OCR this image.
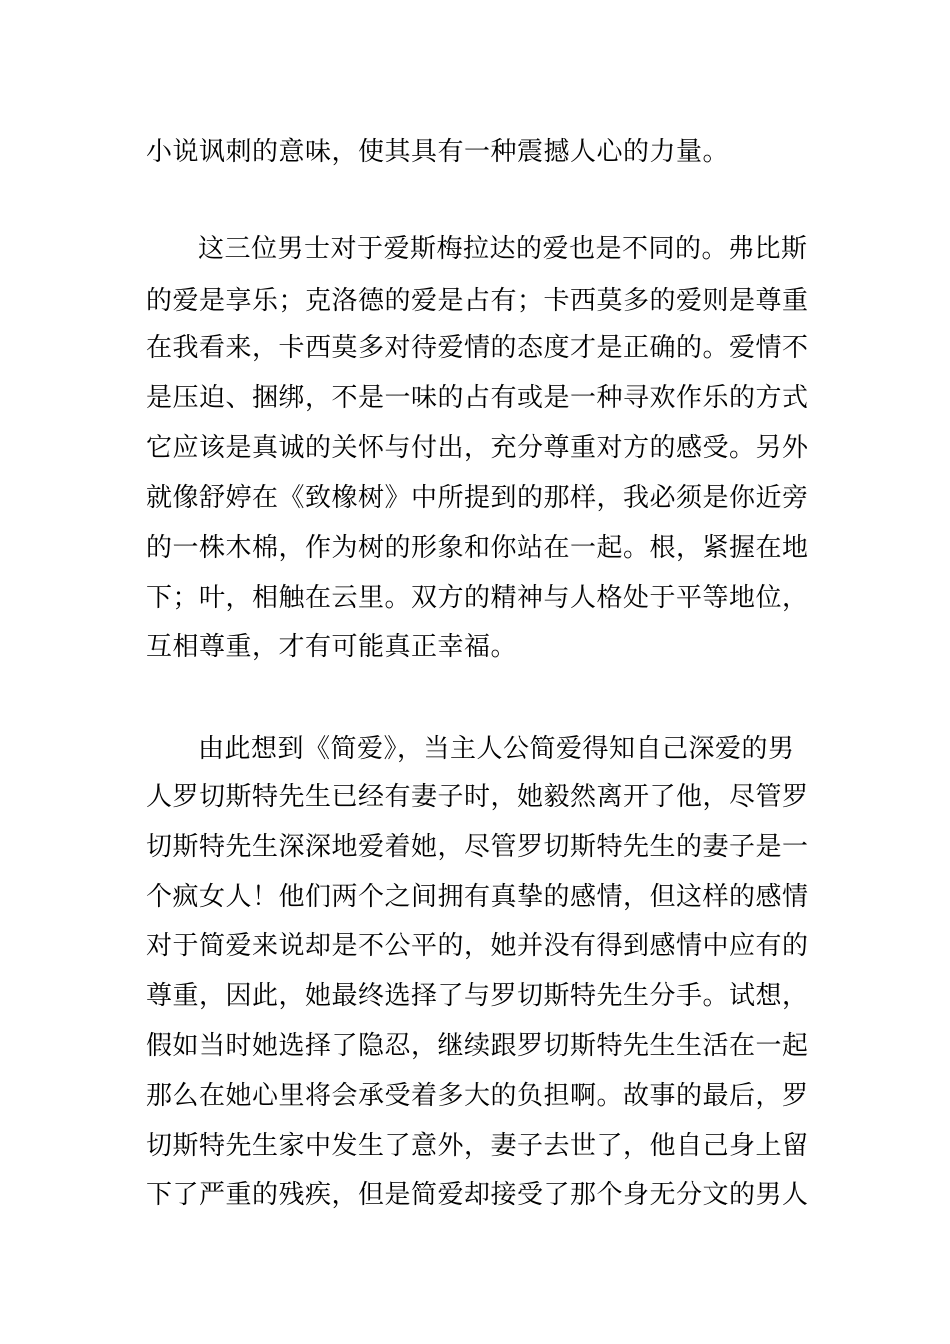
小说讽刺的意味，使其具有一种震撼人心的力量。
这三位男士对于爱斯梅拉达的爱也是不同的。弗比斯
的爱是享乐；克洛德的爱是占有；卡西莫多的爱则是尊重
在我看来，卡西莫多对待爱情的态度才是正确的。爱情不
是压迫、捆绑，不是一味的占有或是一种寻欢作乐的方式
它应该是真诚的关怀与付出，充分尊重对方的感受。另外
就像舒婷在《致橡树》中所提到的那样，我必须是你近旁
的一株木棉，作为树的形象和你站在一起。根，紧握在地
下；叶，相触在云里。双方的精神与人格处于平等地位，
互相尊重，才有可能真正幸福。
由此想到《简爱》，当主人公简爱得知自己深爱的男
人罗切斯特先生已经有妻子时，她毅然离开了他，尽管罗
切斯特先生深深地爱着她，尽管罗切斯特先生的妻子是一
个疯女人！他们两个之间拥有真挚的感情，但这样的感情
对于简爱来说却是不公平的，她并没有得到感情中应有的
尊重，因此，她最终选择了与罗切斯特先生分手。试想，
假如当时她选择了隐忍，继续跟罗切斯特先生生活在一起
那么在她心里将会承受着多大的负担啊。故事的最后，罗
切斯特先生家中发生了意外，妻子去世了，他自己身上留
下了严重的残疾，但是简爱却接受了那个身无分文的男人
